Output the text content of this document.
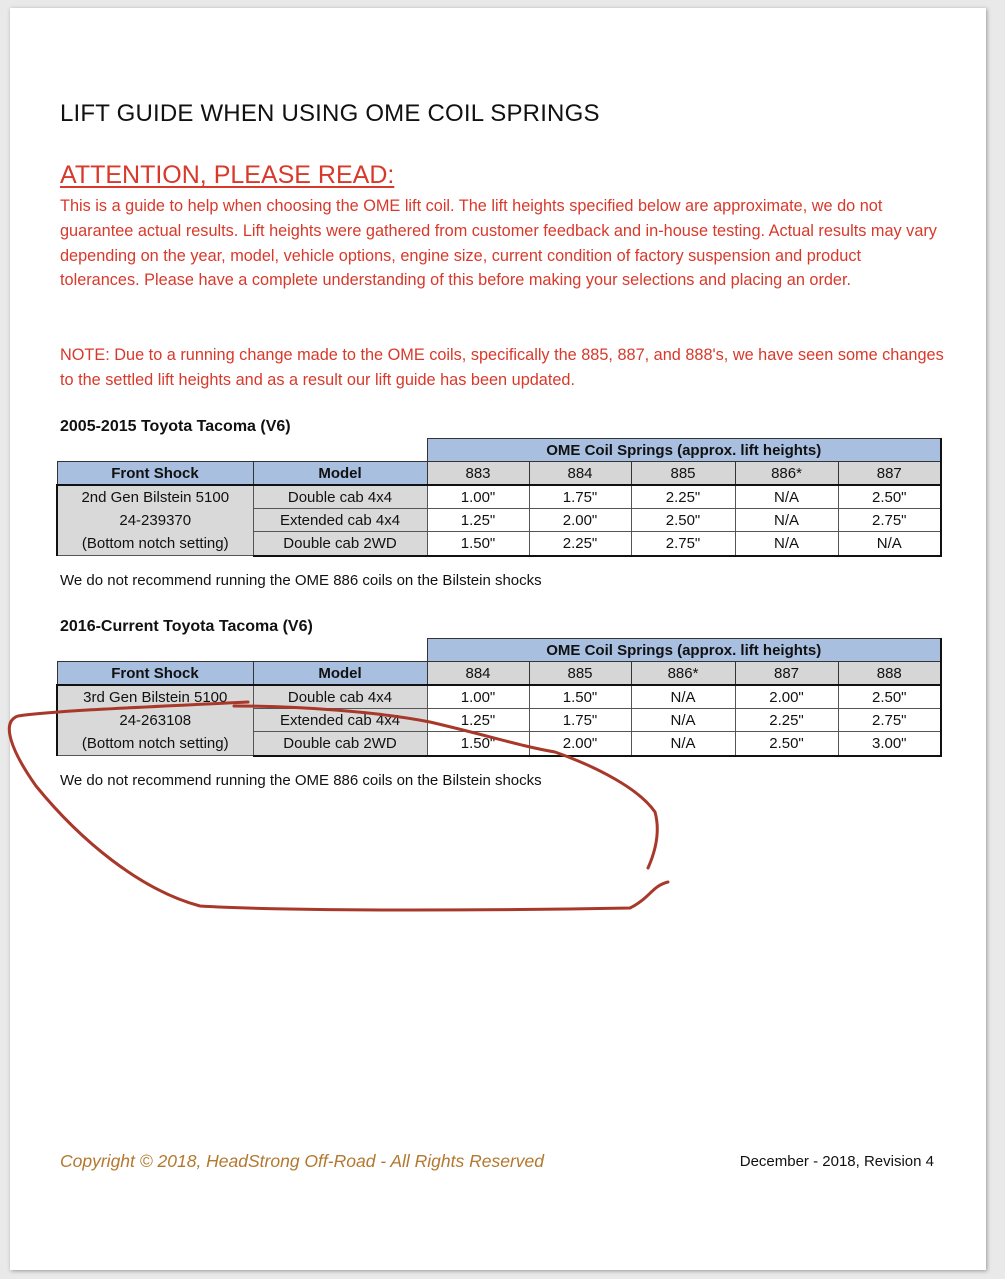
LIFT GUIDE WHEN USING OME COIL SPRINGS
ATTENTION, PLEASE READ:

This is a guide to help when choosing the OME lift coil. The lift heights specified below are approximate, we do not guarantee actual results. Lift heights were gathered from customer feedback and in-house testing. Actual results may vary depending on the year, model, vehicle options, engine size, current condition of factory suspension and product tolerances. Please have a complete understanding of this before making your selections and placing an order.

NOTE: Due to a running change made to the OME coils, specifically the 885, 887, and 888's, we have seen some changes to the settled lift heights and as a result our lift guide has been updated.

2005-2015 Toyota Tacoma (V6)
		OME Coil Springs (approx. lift heights)				
Front Shock	Model	883	884	885	886*	887

2nd Gen Bilstein 5100
24-239370
(Bottom notch setting)	Double cab 4x4	1.00"	1.75"	2.25"	N/A	2.50"
	Extended cab 4x4	1.25"	2.00"	2.50"	N/A	2.75"
	Double cab 2WD	1.50"	2.25"	2.75"	N/A	N/A
We do not recommend running the OME 886 coils on the Bilstein shocks
2016-Current Toyota Tacoma (V6)
		OME Coil Springs (approx. lift heights)				
Front Shock	Model	884	885	886*	887	888

3rd Gen Bilstein 5100
24-263108
(Bottom notch setting)	Double cab 4x4	1.00"	1.50"	N/A	2.00"	2.50"
	Extended cab 4x4	1.25"	1.75"	N/A	2.25"	2.75"
	Double cab 2WD	1.50"	2.00"	N/A	2.50"	3.00"
We do not recommend running the OME 886 coils on the Bilstein shocks
Copyright © 2018, HeadStrong Off-Road - All Rights Reserved	December - 2018, Revision 4
